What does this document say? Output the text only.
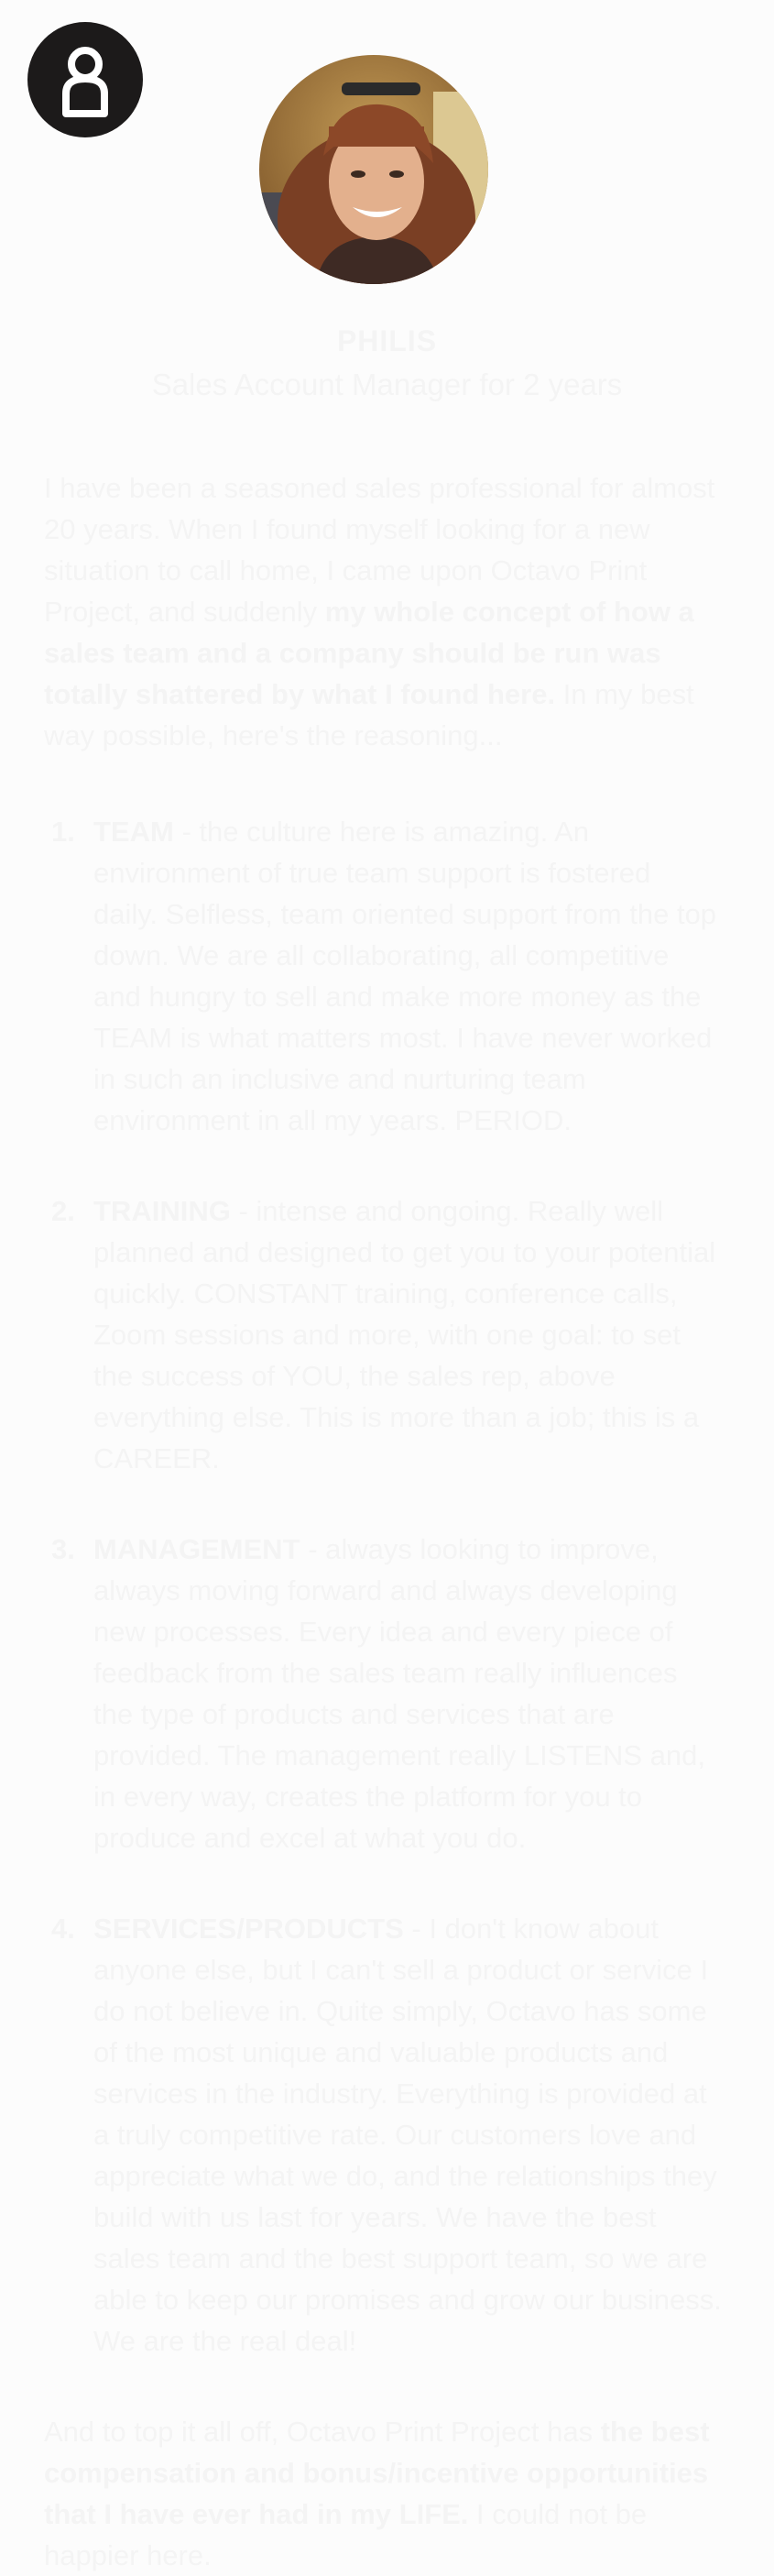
PHILIS
Sales Account Manager for 2 years

I have been a seasoned sales professional for almost 20 years. When I found myself looking for a new situation to call home, I came upon Octavo Print Project, and suddenly my whole concept of how a sales team and a company should be run was totally shattered by what I found here. In my best way possible, here's the reasoning...

1. TEAM - the culture here is amazing. An environment of true team support is fostered daily. Selfless, team oriented support from the top down. We are all collaborating, all competitive and hungry to sell and make more money as the TEAM is what matters most. I have never worked in such an inclusive and nurturing team environment in all my years. PERIOD.
2. TRAINING - intense and ongoing. Really well planned and designed to get you to your potential quickly. CONSTANT training, conference calls, Zoom sessions and more, with one goal: to set the success of YOU, the sales rep, above everything else. This is more than a job; this is a CAREER.
3. MANAGEMENT - always looking to improve, always moving forward and always developing new processes. Every idea and every piece of feedback from the sales team really influences the type of products and services that are provided. The management really LISTENS and, in every way, creates the platform for you to produce and excel at what you do.
4. SERVICES/PRODUCTS - I don't know about anyone else, but I can't sell a product or service I do not believe in. Quite simply, Octavo has some of the most unique and valuable products and services in the industry. Everything is provided at a truly competitive rate. Our customers love and appreciate what we do, and the relationships they build with us last for years. We have the best sales team and the best support team, so we are able to keep our promises and grow our business. We are the real deal!

And to top it all off, Octavo Print Project has the best compensation and bonus/incentive opportunities that I have ever had in my LIFE. I could not be happier here.
